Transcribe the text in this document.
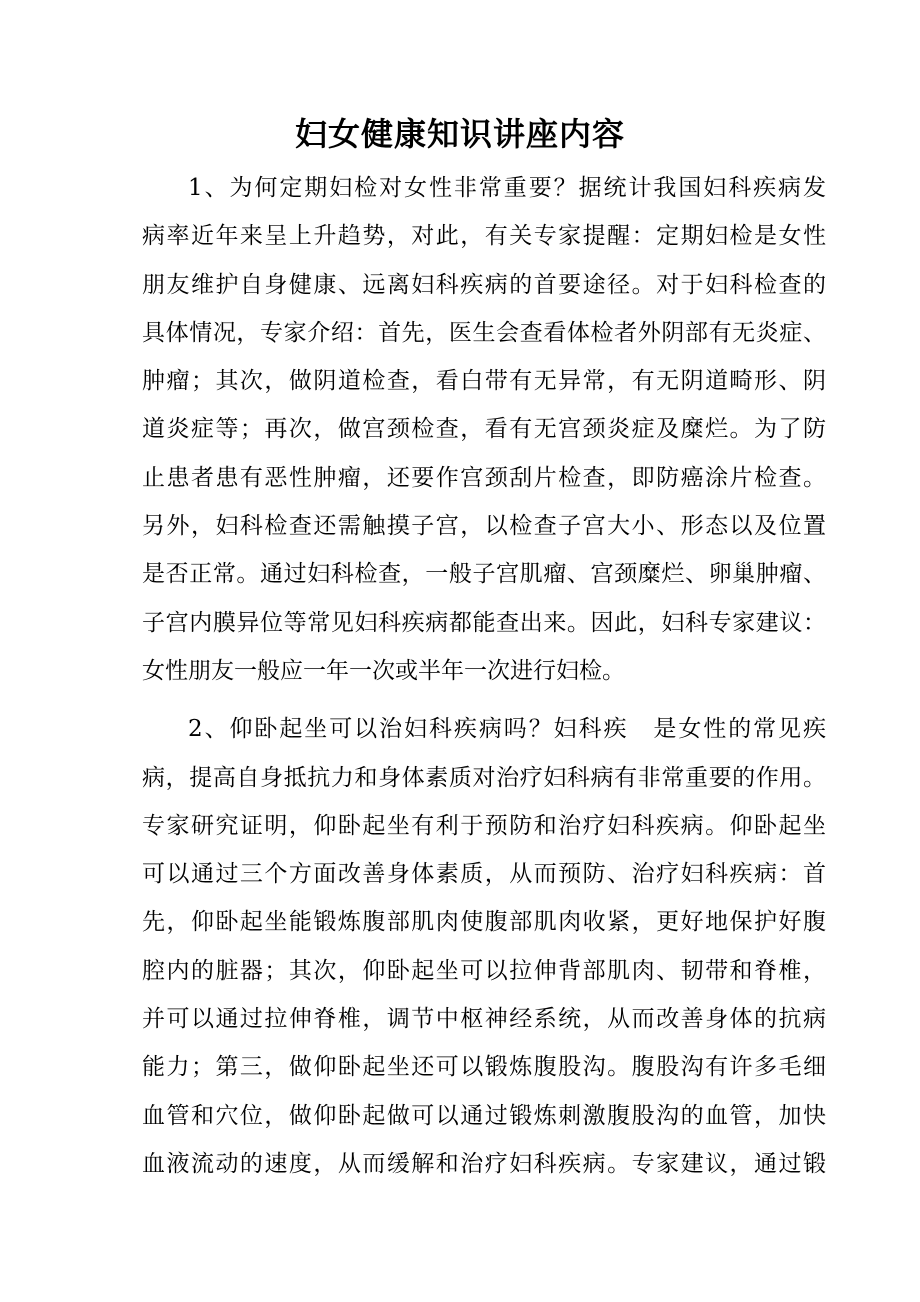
妇女健康知识讲座内容
1、为何定期妇检对女性非常重要？据统计我国妇科疾病发
病率近年来呈上升趋势，对此，有关专家提醒：定期妇检是女性
朋友维护自身健康、远离妇科疾病的首要途径。对于妇科检查的
具体情况，专家介绍：首先，医生会查看体检者外阴部有无炎症、
肿瘤；其次，做阴道检查，看白带有无异常，有无阴道畸形、阴
道炎症等；再次，做宫颈检查，看有无宫颈炎症及糜烂。为了防
止患者患有恶性肿瘤，还要作宫颈刮片检查，即防癌涂片检查。
另外，妇科检查还需触摸子宫，以检查子宫大小、形态以及位置
是否正常。通过妇科检查，一般子宫肌瘤、宫颈糜烂、卵巢肿瘤、
子宫内膜异位等常见妇科疾病都能查出来。因此，妇科专家建议：
女性朋友一般应一年一次或半年一次进行妇检。
2、仰卧起坐可以治妇科疾病吗？妇科疾　是女性的常见疾
病，提高自身抵抗力和身体素质对治疗妇科病有非常重要的作用。
专家研究证明，仰卧起坐有利于预防和治疗妇科疾病。仰卧起坐
可以通过三个方面改善身体素质，从而预防、治疗妇科疾病：首
先，仰卧起坐能锻炼腹部肌肉使腹部肌肉收紧，更好地保护好腹
腔内的脏器；其次，仰卧起坐可以拉伸背部肌肉、韧带和脊椎，
并可以通过拉伸脊椎，调节中枢神经系统，从而改善身体的抗病
能力；第三，做仰卧起坐还可以锻炼腹股沟。腹股沟有许多毛细
血管和穴位，做仰卧起做可以通过锻炼刺激腹股沟的血管，加快
血液流动的速度，从而缓解和治疗妇科疾病。专家建议，通过锻
